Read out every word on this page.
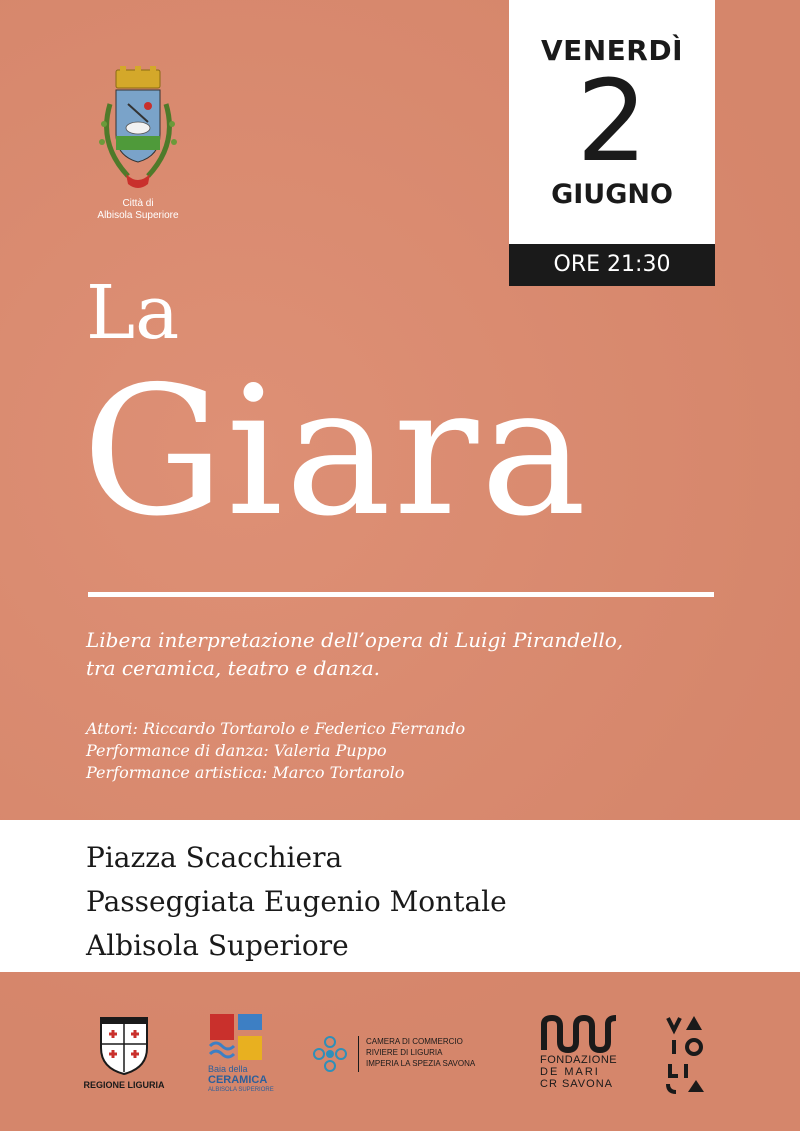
Città di
Albisola Superiore
VENERDÌ
2
GIUGNO
ORE 21:30
La
Giara
Libera interpretazione dell’opera di Luigi Pirandello,
tra ceramica, teatro e danza.
Attori: Riccardo Tortarolo e Federico Ferrando
Performance di danza: Valeria Puppo
Performance artistica: Marco Tortarolo
Piazza Scacchiera
Passeggiata Eugenio Montale
Albisola Superiore
REGIONE LIGURIA
Baia della
CERAMICA
ALBISOLA SUPERIORE
CAMERA DI COMMERCIO
RIVIERE DI LIGURIA
IMPERIA LA SPEZIA SAVONA	FONDAZIONE
DE MARI
CR SAVONA
